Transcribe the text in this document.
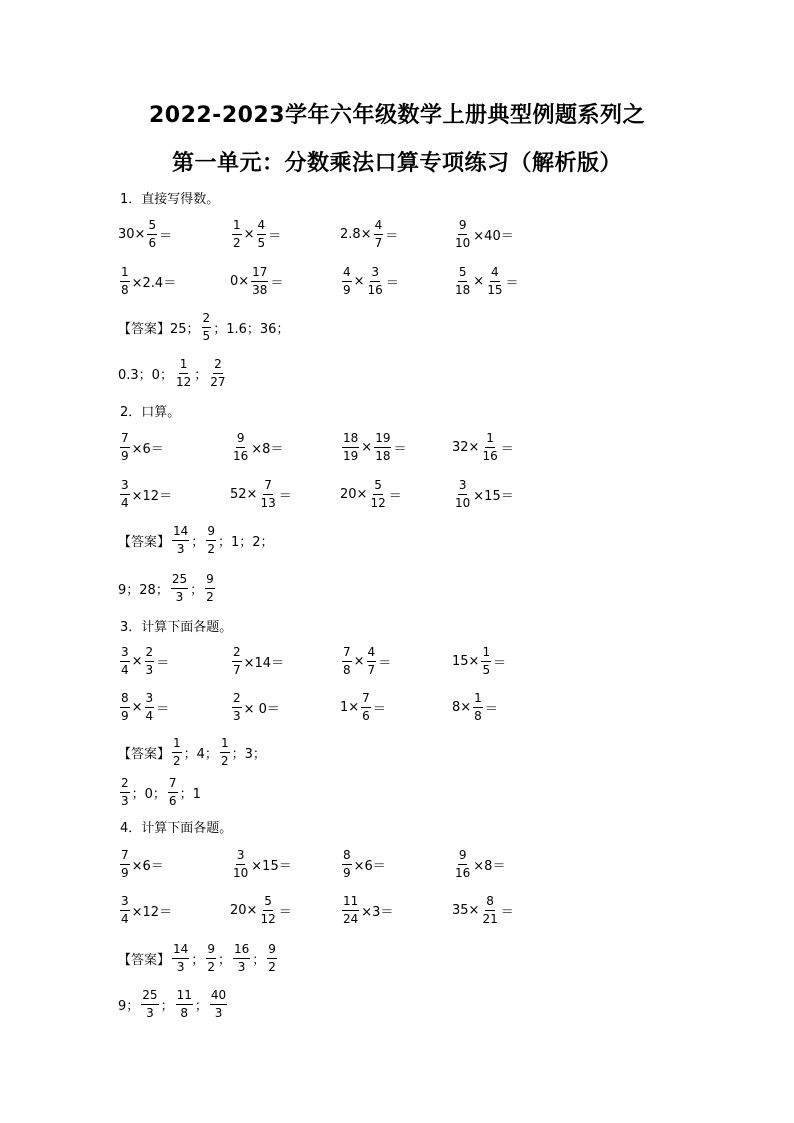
2022-2023学年六年级数学上册典型例题系列之
第一单元：分数乘法口算专项练习（解析版）
1．直接写得数。
$30\times \frac{5}{6}$ ＝	$\frac{1}{2} \times \frac{4}{5}$ ＝	$2.8\times \frac{4}{7}$ ＝	$\frac{9}{10} \times 40=$
$\frac{1}{8} \times 2.4=$	$0\times \frac{17}{38}$ ＝	$\frac{4}{9} \times \frac{3}{16}$ ＝	$\frac{5}{18} \times \frac{4}{15}$ ＝
【答案】25； $\frac{2}{5}$ ；1.6；36；
0.3；0； $\frac{1}{12}$ ； $\frac{2}{27}$
2．口算。
$\frac{7}{9} \times 6=$	$\frac{9}{16} \times 8=$	$\frac{18}{19} \times \frac{19}{18}$ ＝	$32\times \frac{1}{16}$ ＝
$\frac{3}{4} \times 12=$	$52\times \frac{7}{13}$ ＝	$20\times \frac{5}{12}$ ＝	$\frac{3}{10} \times 15=$
【答案】 $\frac{14}{3}$ ； $\frac{9}{2}$ ；1；2；
9；28； $\frac{25}{3}$ ； $\frac{9}{2}$
3．计算下面各题。
$\frac{3}{4} \times \frac{2}{3}$ ＝	$\frac{2}{7} \times 14=$	$\frac{7}{8} \times \frac{4}{7}$ ＝	$15\times \frac{1}{5}$ ＝
$\frac{8}{9} \times \frac{3}{4}$ ＝	$\frac{2}{3} \times 0=$	$1\times \frac{7}{6}$ ＝	$8\times \frac{1}{8}$ ＝
【答案】 $\frac{1}{2}$ ；4； $\frac{1}{2}$ ；3；
$\frac{2}{3}$ ；0； $\frac{7}{6}$ ；1
4．计算下面各题。
$\frac{7}{9} \times 6=$	$\frac{3}{10} \times 15=$	$\frac{8}{9} \times 6=$	$\frac{9}{16} \times 8=$
$\frac{3}{4} \times 12=$	$20\times \frac{5}{12}$ ＝	$\frac{11}{24} \times 3=$	$35\times \frac{8}{21}$ ＝
【答案】 $\frac{14}{3}$ ； $\frac{9}{2}$ ； $\frac{16}{3}$ ； $\frac{9}{2}$
9； $\frac{25}{3}$ ； $\frac{11}{8}$ ； $\frac{40}{3}$
